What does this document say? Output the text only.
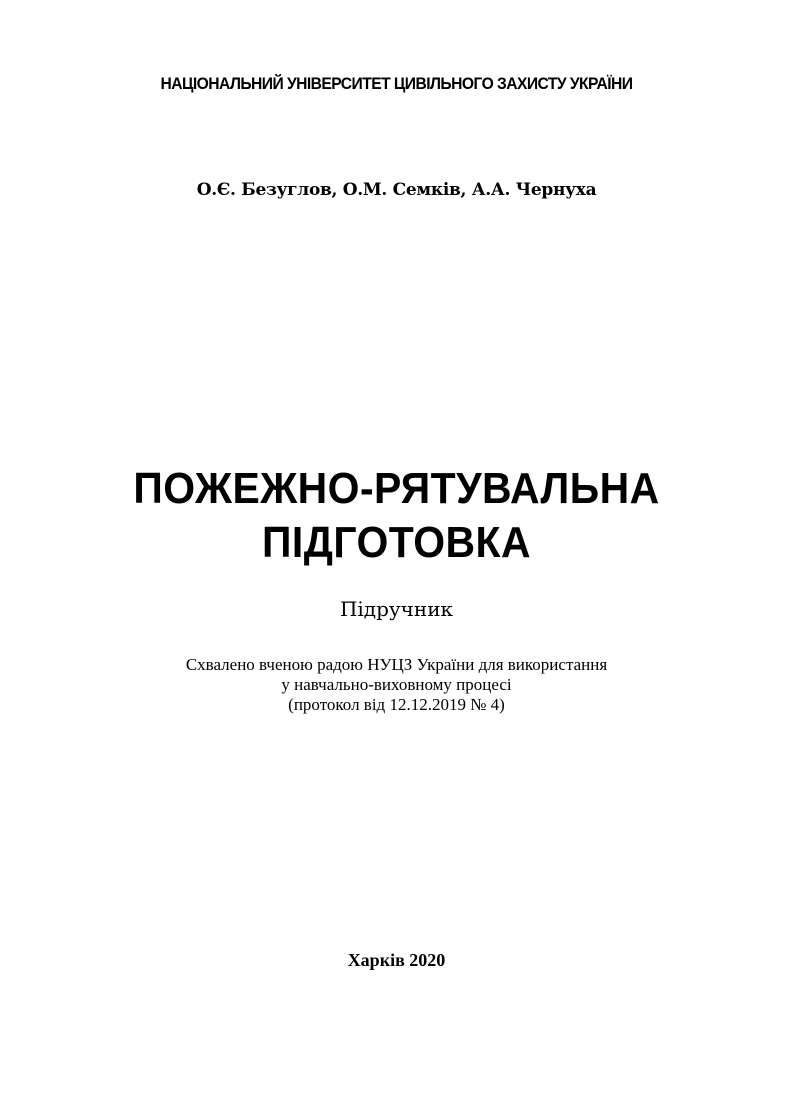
НАЦІОНАЛЬНИЙ УНІВЕРСИТЕТ ЦИВІЛЬНОГО ЗАХИСТУ УКРАЇНИ
О.Є. Безуглов, О.М. Семків, А.А. Чернуха
ПОЖЕЖНО-РЯТУВАЛЬНА
ПІДГОТОВКА
Підручник
Схвалено вченою радою НУЦЗ України для використання
у навчально-виховному процесі
(протокол від 12.12.2019 № 4)
Харків 2020
